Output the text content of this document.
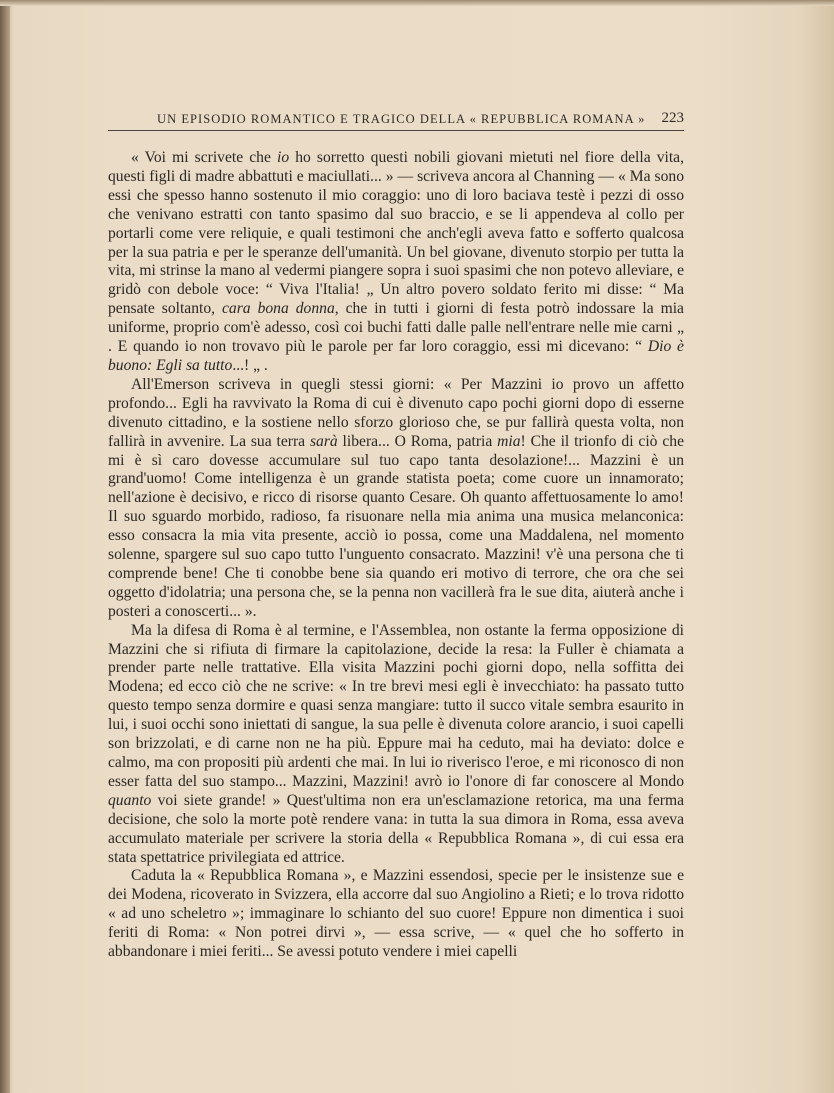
UN EPISODIO ROMANTICO E TRAGICO DELLA « REPUBBLICA ROMANA » 223

« Voi mi scrivete che io ho sorretto questi nobili giovani mietuti nel fiore della vita, questi figli di madre abbattuti e maciullati... » — scriveva ancora al Channing — « Ma sono essi che spesso hanno sostenuto il mio coraggio: uno di loro baciava testè i pezzi di osso che venivano estratti con tanto spasimo dal suo braccio, e se li appendeva al collo per portarli come vere reliquie, e quali testimoni che anch'egli aveva fatto e sofferto qualcosa per la sua patria e per le speranze dell'umanità. Un bel giovane, divenuto storpio per tutta la vita, mi strinse la mano al vedermi piangere sopra i suoi spasimi che non potevo alleviare, e gridò con debole voce: “ Viva l'Italia! „ Un altro povero soldato ferito mi disse: “ Ma pensate soltanto, cara bona donna, che in tutti i giorni di festa potrò indossare la mia uniforme, proprio com'è adesso, così coi buchi fatti dalle palle nell'entrare nelle mie carni „ . E quando io non trovavo più le parole per far loro coraggio, essi mi dicevano: “ Dio è buono: Egli sa tutto...! „ .

All'Emerson scriveva in quegli stessi giorni: « Per Mazzini io provo un affetto profondo... Egli ha ravvivato la Roma di cui è divenuto capo pochi giorni dopo di esserne divenuto cittadino, e la sostiene nello sforzo glorioso che, se pur fallirà questa volta, non fallirà in avvenire. La sua terra sarà libera... O Roma, patria mia! Che il trionfo di ciò che mi è sì caro dovesse accumulare sul tuo capo tanta desolazione!... Mazzini è un grand'uomo! Come intelligenza è un grande statista poeta; come cuore un innamorato; nell'azione è decisivo, e ricco di risorse quanto Cesare. Oh quanto affettuosamente lo amo! Il suo sguardo morbido, radioso, fa risuonare nella mia anima una musica melanconica: esso consacra la mia vita presente, acciò io possa, come una Maddalena, nel momento solenne, spargere sul suo capo tutto l'unguento consacrato. Mazzini! v'è una persona che ti comprende bene! Che ti conobbe bene sia quando eri motivo di terrore, che ora che sei oggetto d'idolatria; una persona che, se la penna non vacillerà fra le sue dita, aiuterà anche i posteri a conoscerti... ».

Ma la difesa di Roma è al termine, e l'Assemblea, non ostante la ferma opposizione di Mazzini che si rifiuta di firmare la capitolazione, decide la resa: la Fuller è chiamata a prender parte nelle trattative. Ella visita Mazzini pochi giorni dopo, nella soffitta dei Modena; ed ecco ciò che ne scrive: « In tre brevi mesi egli è invecchiato: ha passato tutto questo tempo senza dormire e quasi senza mangiare: tutto il succo vitale sembra esaurito in lui, i suoi occhi sono iniettati di sangue, la sua pelle è divenuta colore arancio, i suoi capelli son brizzolati, e di carne non ne ha più. Eppure mai ha ceduto, mai ha deviato: dolce e calmo, ma con propositi più ardenti che mai. In lui io riverisco l'eroe, e mi riconosco di non esser fatta del suo stampo... Mazzini, Mazzini! avrò io l'onore di far conoscere al Mondo quanto voi siete grande! » Quest'ultima non era un'esclamazione retorica, ma una ferma decisione, che solo la morte potè rendere vana: in tutta la sua dimora in Roma, essa aveva accumulato materiale per scrivere la storia della « Repubblica Romana », di cui essa era stata spettatrice privilegiata ed attrice.

Caduta la « Repubblica Romana », e Mazzini essendosi, specie per le insistenze sue e dei Modena, ricoverato in Svizzera, ella accorre dal suo Angiolino a Rieti; e lo trova ridotto « ad uno scheletro »; immaginare lo schianto del suo cuore! Eppure non dimentica i suoi feriti di Roma: « Non potrei dirvi », — essa scrive, — « quel che ho sofferto in abbandonare i miei feriti... Se avessi potuto vendere i miei capelli
